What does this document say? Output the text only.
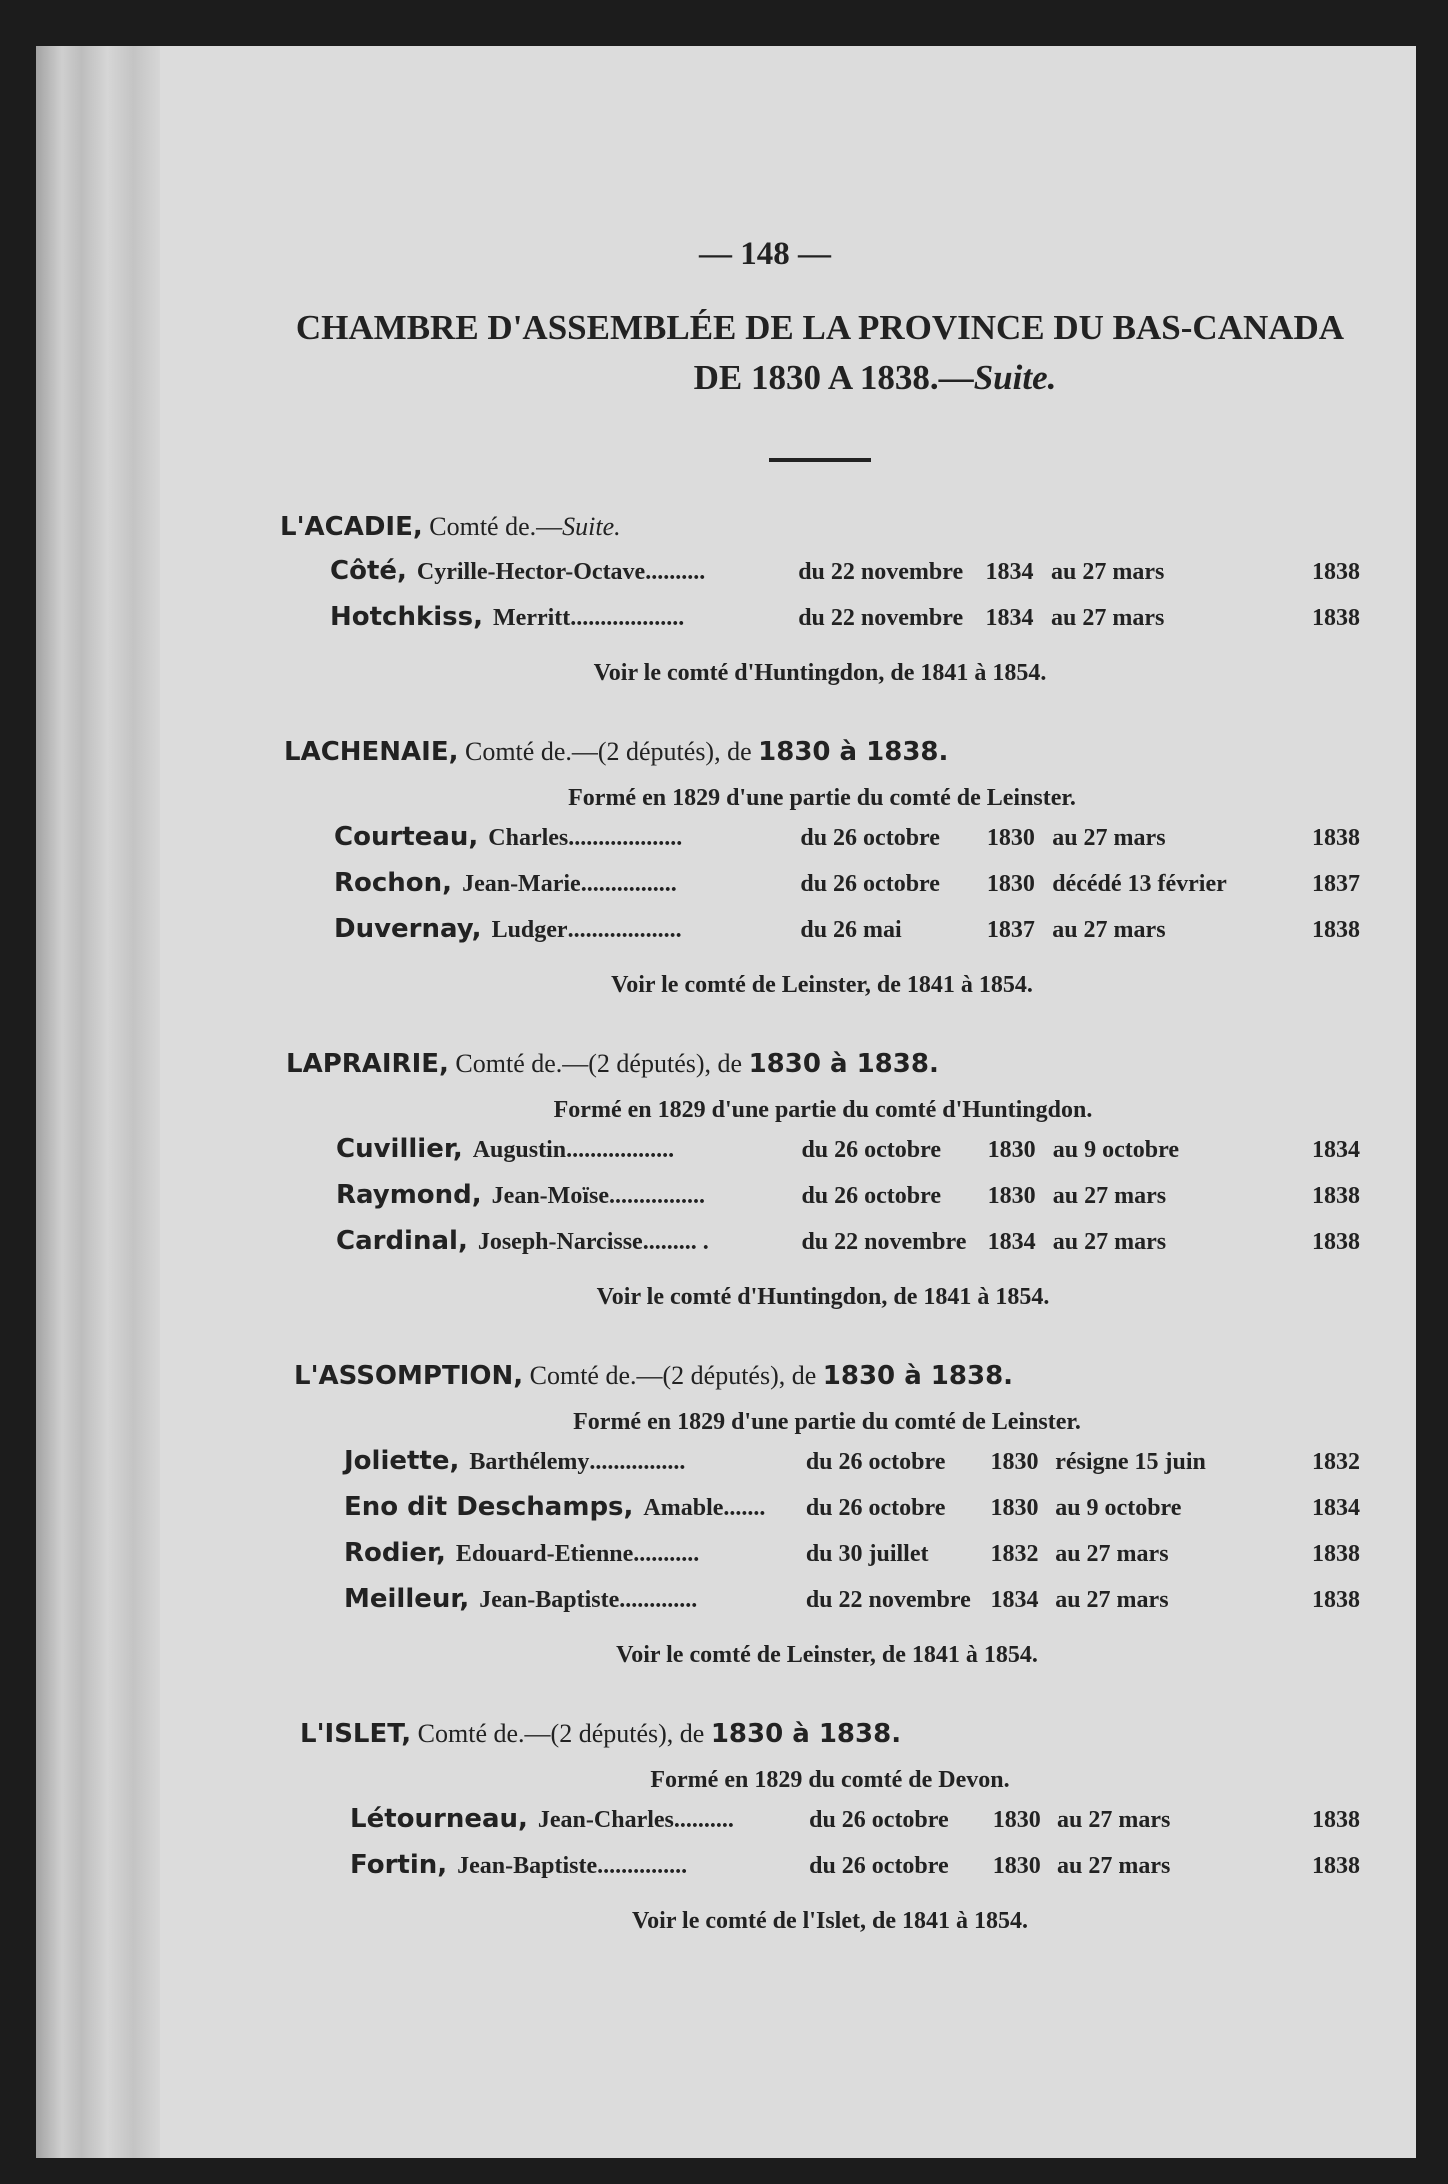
— 148 —
CHAMBRE D'ASSEMBLÉE DE LA PROVINCE DU BAS-CANADA
DE 1830 A 1838.—Suite.
L'ACADIE, Comté de.—Suite.
Côté, Cyrille-Hector-Octave ..........	du 22 novembre 1834 au 27 mars	1838
Hotchkiss, Merritt ...................	du 22 novembre 1834 au 27 mars	1838
Voir le comté d'Huntingdon, de 1841 à 1854.
LACHENAIE, Comté de.—(2 députés), de 1830 à 1838.
Formé en 1829 d'une partie du comté de Leinster.
Courteau, Charles ...................	du 26 octobre	1830 au 27 mars	1838
Rochon, Jean-Marie ................	du 26 octobre	1830 décédé 13 février	1837
Duvernay, Ludger ...................	du 26 mai	1837 au 27 mars	1838
Voir le comté de Leinster, de 1841 à 1854.
LAPRAIRIE, Comté de.—(2 députés), de 1830 à 1838.
Formé en 1829 d'une partie du comté d'Huntingdon.
Cuvillier, Augustin ..................	du 26 octobre	1830 au 9 octobre	1834
Raymond, Jean-Moïse ................	du 26 octobre	1830 au 27 mars	1838
Cardinal, Joseph-Narcisse ......... .	du 22 novembre 1834 au 27 mars	1838
Voir le comté d'Huntingdon, de 1841 à 1854.
L'ASSOMPTION, Comté de.—(2 députés), de 1830 à 1838.
Formé en 1829 d'une partie du comté de Leinster.
Joliette, Barthélemy ................	du 26 octobre	1830 résigne 15 juin	1832
Eno dit Deschamps, Amable ....... du 26 octobre	1830 au 9 octobre	1834
Rodier, Edouard-Etienne ...........	du 30 juillet	1832 au 27 mars	1838
Meilleur, Jean-Baptiste .............	du 22 novembre 1834 au 27 mars	1838
Voir le comté de Leinster, de 1841 à 1854.
L'ISLET, Comté de.—(2 députés), de 1830 à 1838.
Formé en 1829 du comté de Devon.
Létourneau, Jean-Charles ..........	du 26 octobre	1830 au 27 mars	1838
Fortin, Jean-Baptiste ...............	du 26 octobre	1830 au 27 mars	1838
Voir le comté de l'Islet, de 1841 à 1854.
